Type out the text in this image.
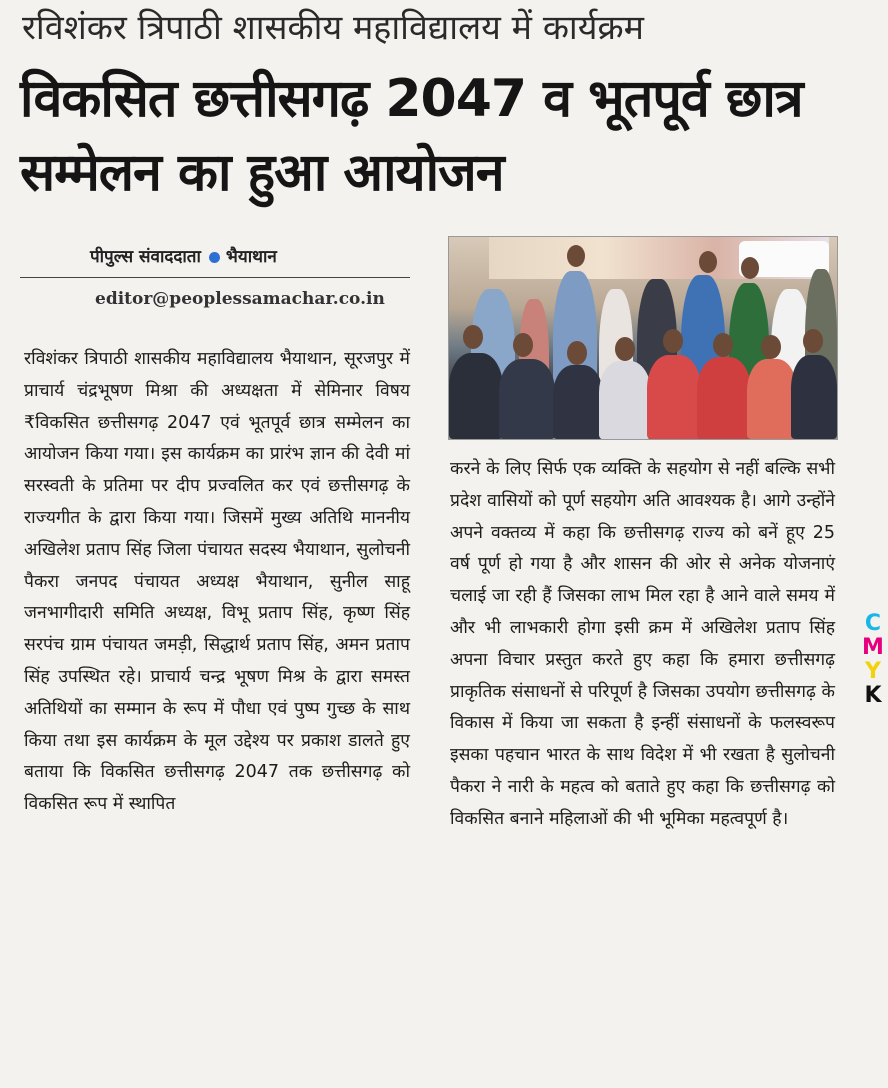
रविशंकर त्रिपाठी शासकीय महाविद्यालय में कार्यक्रम
विकसित छत्तीसगढ़ 2047 व भूतपूर्व छात्र सम्मेलन का हुआ आयोजन
पीपुल्स संवाददाता भैयाथान
editor@peoplessamachar.co.in

रविशंकर त्रिपाठी शासकीय महाविद्यालय भैयाथान, सूरजपुर में प्राचार्य चंद्रभूषण मिश्रा की अध्यक्षता में सेमिनार विषय ₹विकसित छत्तीसगढ़ 2047 एवं भूतपूर्व छात्र सम्मेलन का आयोजन किया गया। इस कार्यक्रम का प्रारंभ ज्ञान की देवी मां सरस्वती के प्रतिमा पर दीप प्रज्वलित कर एवं छत्तीसगढ़ के राज्यगीत के द्वारा किया गया। जिसमें मुख्य अतिथि माननीय अखिलेश प्रताप सिंह जिला पंचायत सदस्य भैयाथान, सुलोचनी पैकरा जनपद पंचायत अध्यक्ष भैयाथान, सुनील साहू जनभागीदारी समिति अध्यक्ष, विभू प्रताप सिंह, कृष्ण सिंह सरपंच ग्राम पंचायत जमड़ी, सिद्धार्थ प्रताप सिंह, अमन प्रताप सिंह उपस्थित रहे। प्राचार्य चन्द्र भूषण मिश्र के द्वारा समस्त अतिथियों का सम्मान के रूप में पौधा एवं पुष्प गुच्छ के साथ किया तथा इस कार्यक्रम के मूल उद्देश्य पर प्रकाश डालते हुए बताया कि विकसित छत्तीसगढ़ 2047 तक छत्तीसगढ़ को विकसित रूप में स्थापित

करने के लिए सिर्फ एक व्यक्ति के सहयोग से नहीं बल्कि सभी प्रदेश वासियों को पूर्ण सहयोग अति आवश्यक है। आगे उन्होंने अपने वक्तव्य में कहा कि छत्तीसगढ़ राज्य को बनें हूए 25 वर्ष पूर्ण हो गया है और शासन की ओर से अनेक योजनाएं चलाई जा रही हैं जिसका लाभ मिल रहा है आने वाले समय में और भी लाभकारी होगा इसी क्रम में अखिलेश प्रताप सिंह अपना विचार प्रस्तुत करते हुए कहा कि हमारा छत्तीसगढ़ प्राकृतिक संसाधनों से परिपूर्ण है जिसका उपयोग छत्तीसगढ़ के विकास में किया जा सकता है इन्हीं संसाधनों के फलस्वरूप इसका पहचान भारत के साथ विदेश में भी रखता है सुलोचनी पैकरा ने नारी के महत्व को बताते हुए कहा कि छत्तीसगढ़ को विकसित बनाने महिलाओं की भी भूमिका महत्वपूर्ण है।

C
M
Y
K
